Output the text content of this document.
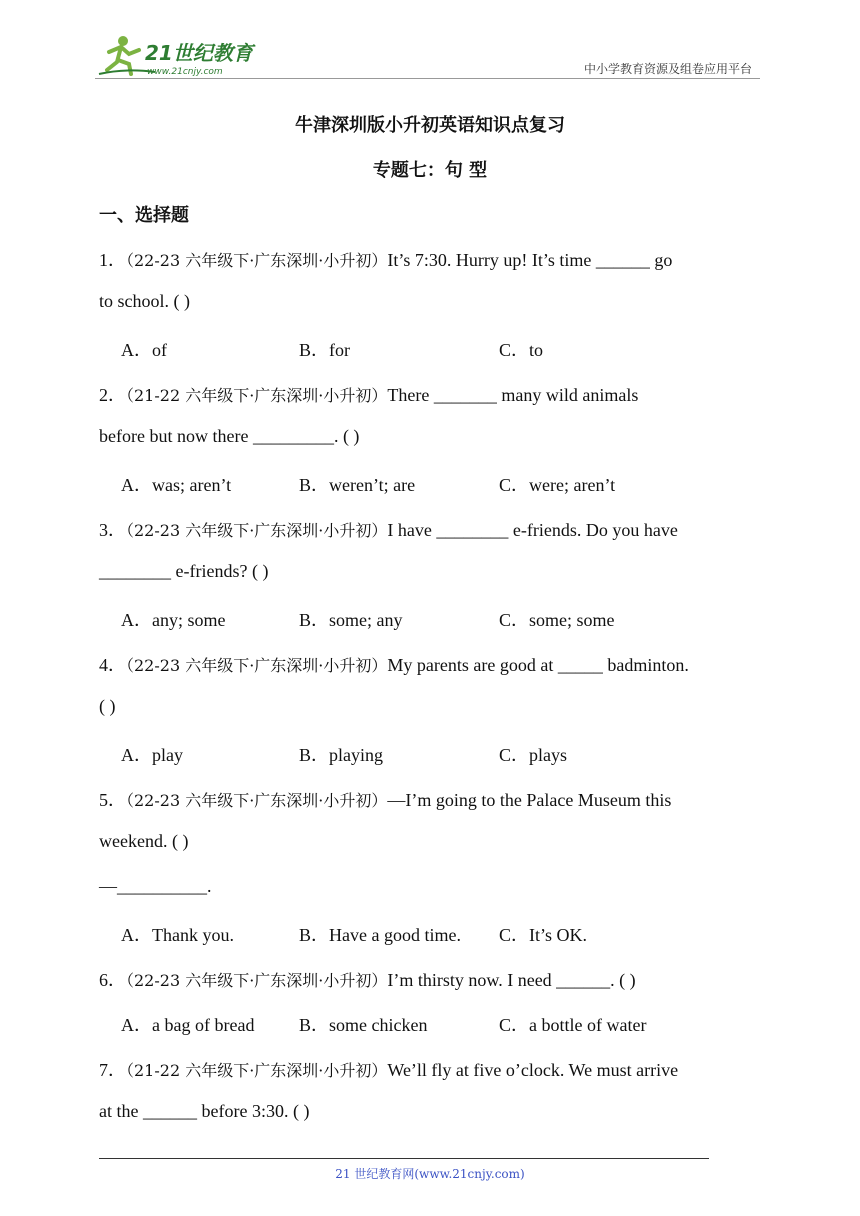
21世纪教育
www.21cnjy.com	中小学教育资源及组卷应用平台
牛津深圳版小升初英语知识点复习
专题七：句 型
一、选择题
1．（22-23 六年级下·广东深圳·小升初）It’s 7:30. Hurry up! It’s time ______ go
to school. ( )
A．of	B．for	C．to
2．（21-22 六年级下·广东深圳·小升初）There _______ many wild animals
before but now there _________. ( )
A．was; aren’t	B．weren’t; are	C．were; aren’t
3．（22-23 六年级下·广东深圳·小升初）I have ________ e-friends. Do you have
________ e-friends? ( )
A．any; some	B．some; any	C．some; some
4．（22-23 六年级下·广东深圳·小升初）My parents are good at _____ badminton.
( )
A．play	B．playing	C．plays
5．（22-23 六年级下·广东深圳·小升初）—I’m going to the Palace Museum this
weekend. ( )
—__________.
A．Thank you.	B．Have a good time. C．It’s OK.
6．（22-23 六年级下·广东深圳·小升初）I’m thirsty now. I need ______. ( )
A．a bag of bread B．some chicken	C．a bottle of water
7．（21-22 六年级下·广东深圳·小升初）We’ll fly at five o’clock. We must arrive
at the ______ before 3:30. ( )
21 世纪教育网(www.21cnjy.com)
